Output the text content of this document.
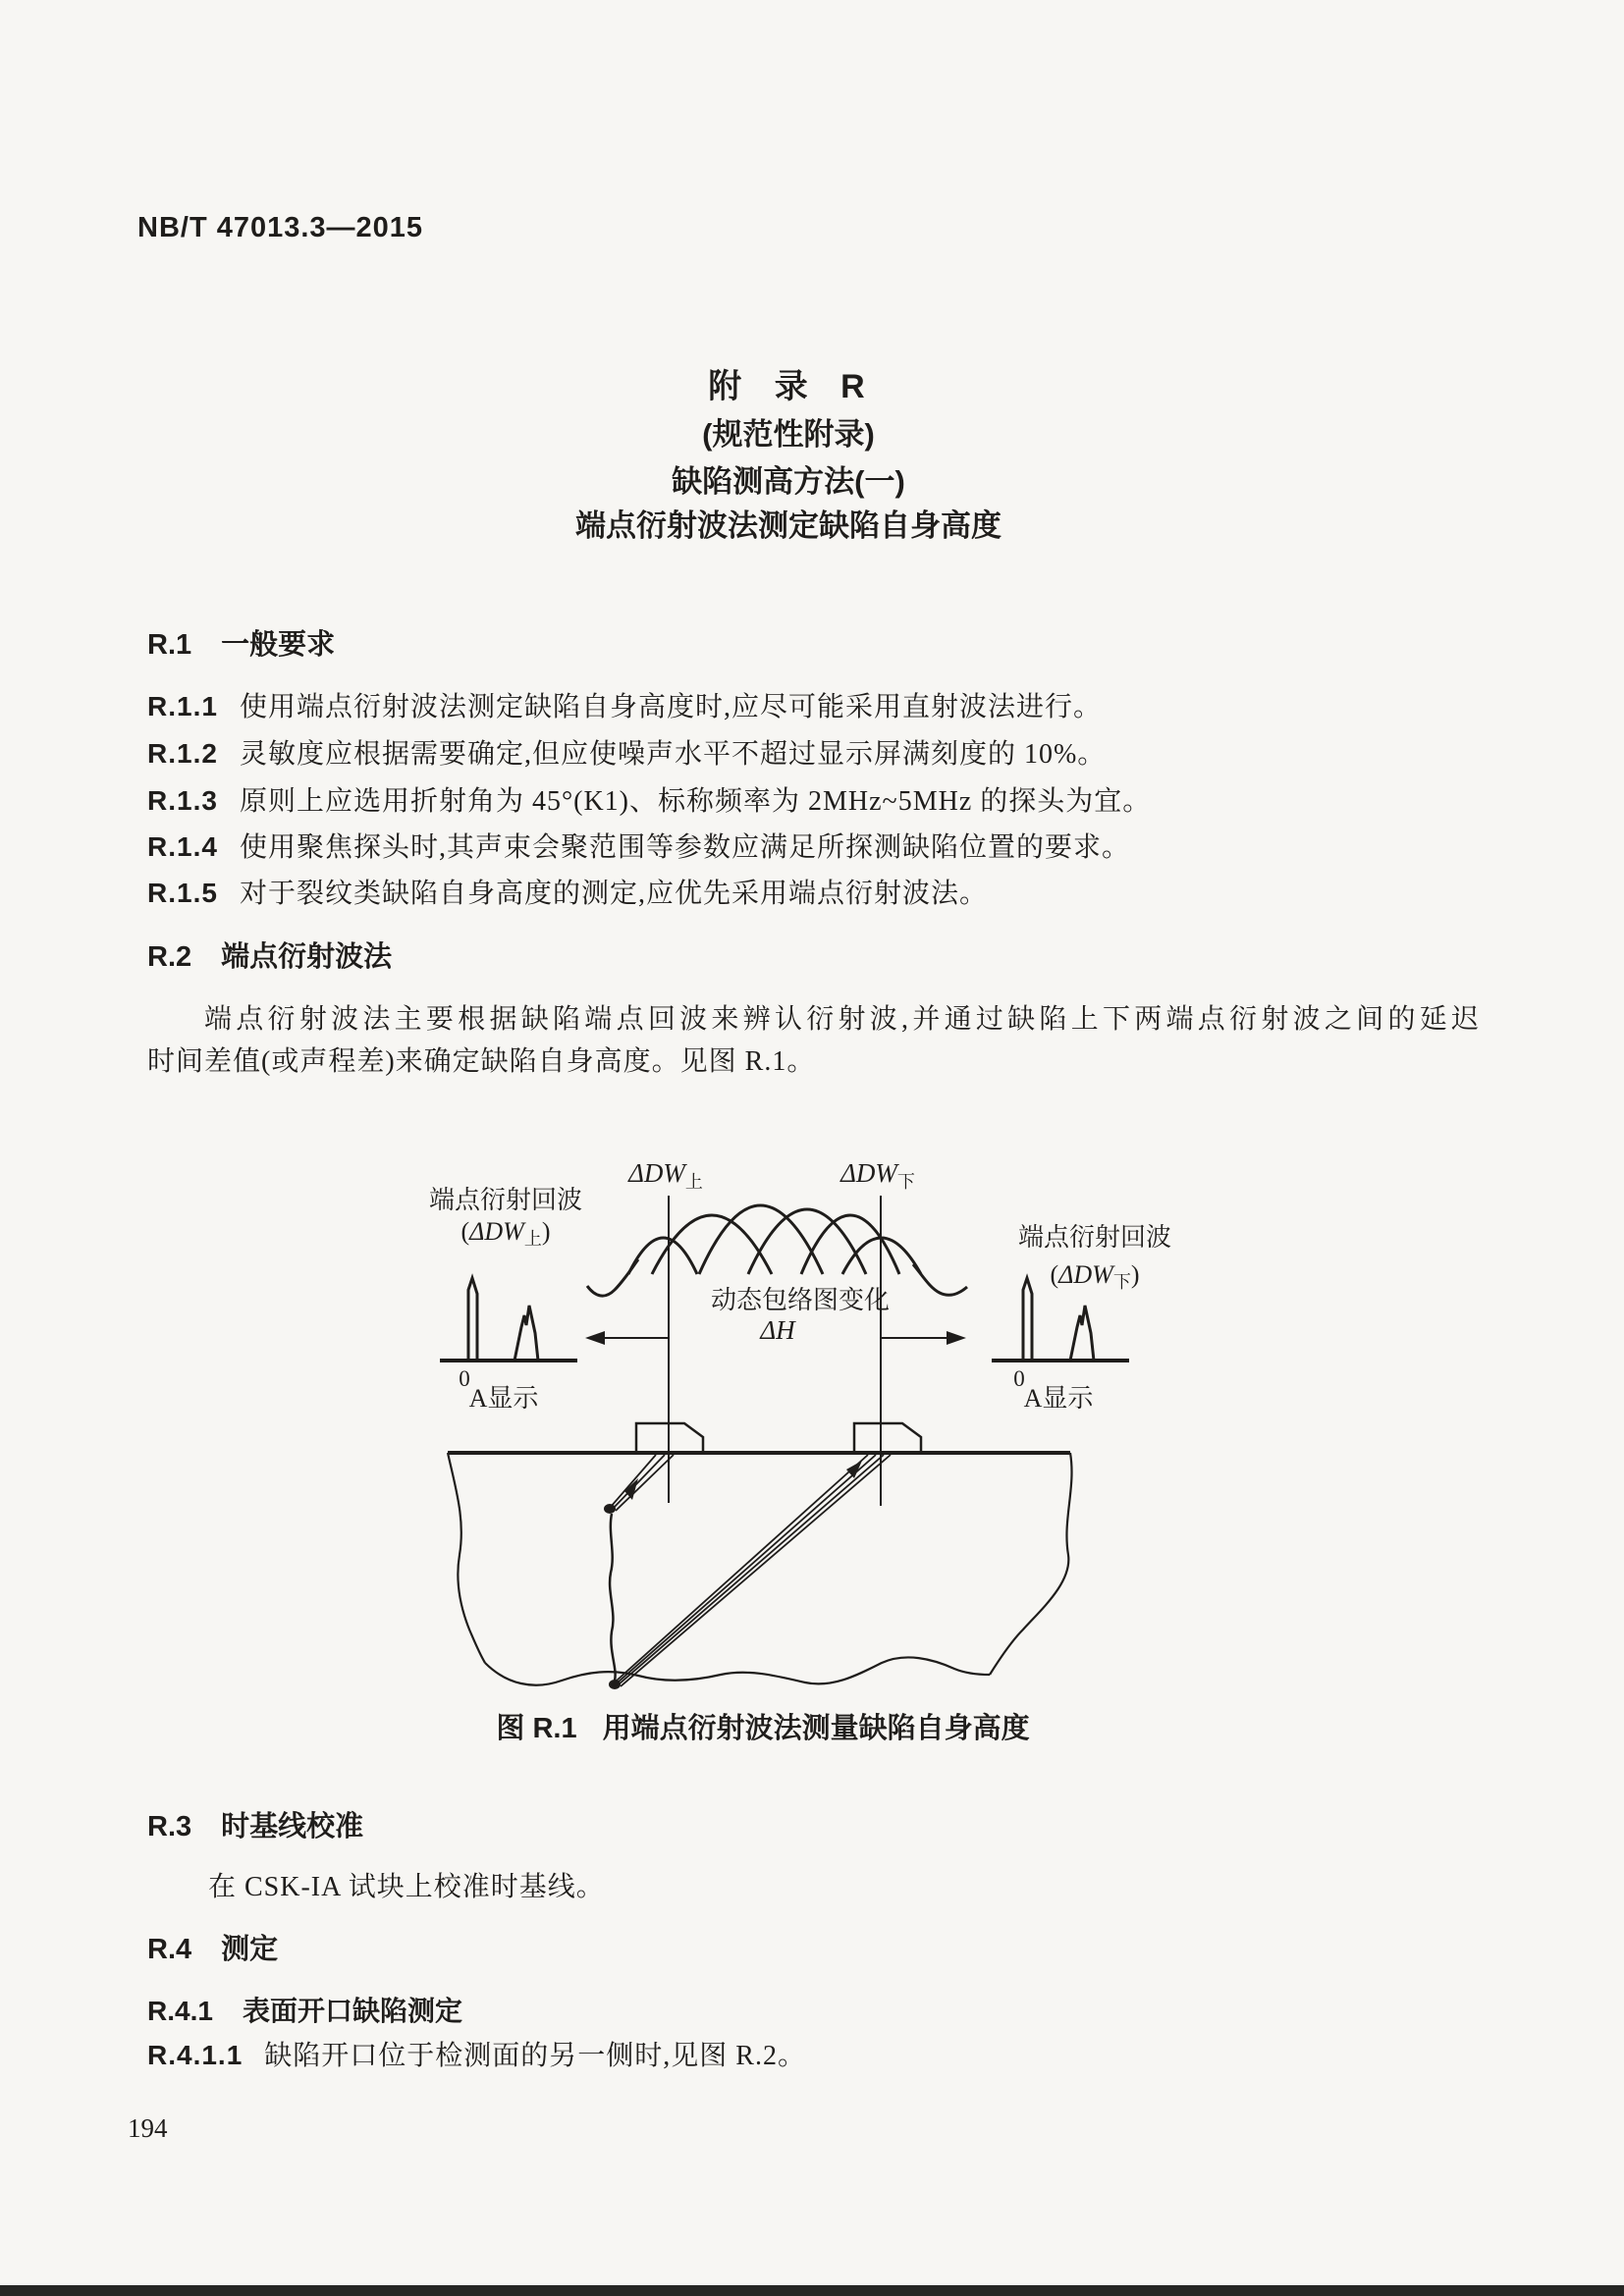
NB/T 47013.3—2015
附 录 R
(规范性附录)
缺陷测高方法(一)
端点衍射波法测定缺陷自身高度
R.1 一般要求
R.1.1 使用端点衍射波法测定缺陷自身高度时,应尽可能采用直射波法进行。
R.1.2 灵敏度应根据需要确定,但应使噪声水平不超过显示屏满刻度的 10%。
R.1.3 原则上应选用折射角为 45°(K1)、标称频率为 2MHz~5MHz 的探头为宜。
R.1.4 使用聚焦探头时,其声束会聚范围等参数应满足所探测缺陷位置的要求。
R.1.5 对于裂纹类缺陷自身高度的测定,应优先采用端点衍射波法。
R.2 端点衍射波法
端点衍射波法主要根据缺陷端点回波来辨认衍射波,并通过缺陷上下两端点衍射波之间的延迟
时间差值(或声程差)来确定缺陷自身高度。见图 R.1。
$\Delta DW_上$	$\Delta DW_下$
端点衍射回波
(ΔDW上)	端点衍射回波
(ΔDW下)
动态包络图变化
ΔH
0
A显示
0
A显示
图 R.1 用端点衍射波法测量缺陷自身高度
R.3 时基线校准
在 CSK-IA 试块上校准时基线。
R.4 测定
R.4.1 表面开口缺陷测定
R.4.1.1 缺陷开口位于检测面的另一侧时,见图 R.2。
194
